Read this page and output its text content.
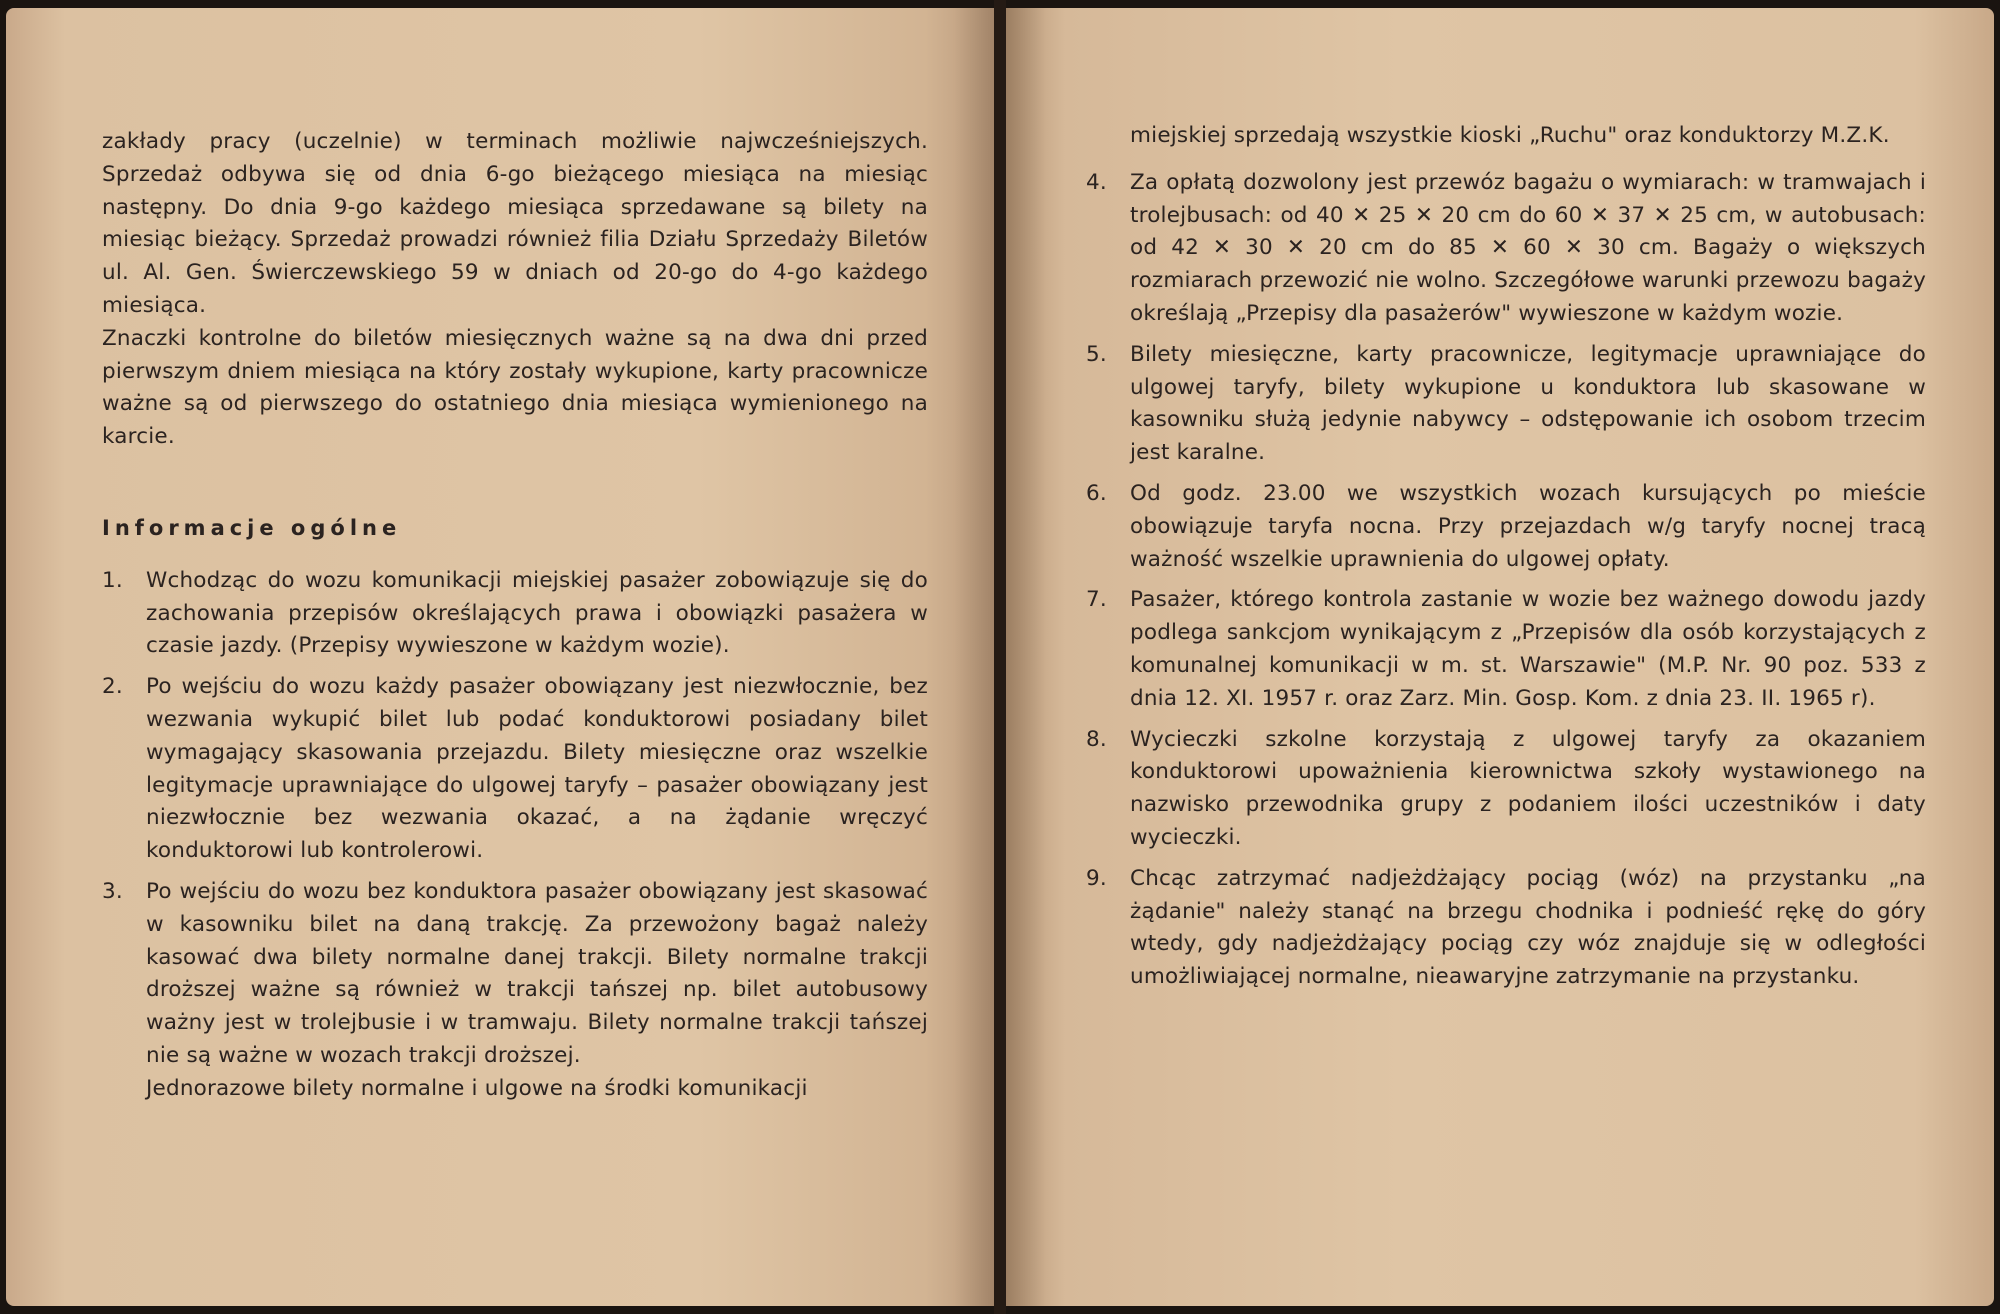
zakłady pracy (uczelnie) w terminach możliwie najwcześniejszych. Sprzedaż odbywa się od dnia 6-go bieżącego miesiąca na miesiąc następny. Do dnia 9-go każdego miesiąca sprzedawane są bilety na miesiąc bieżący. Sprzedaż prowadzi również filia Działu Sprzedaży Biletów ul. Al. Gen. Świerczewskiego 59 w dniach od 20-go do 4-go każdego miesiąca.

Znaczki kontrolne do biletów miesięcznych ważne są na dwa dni przed pierwszym dniem miesiąca na który zostały wykupione, karty pracownicze ważne są od pierwszego do ostatniego dnia miesiąca wymienionego na karcie.

Informacje ogólne

1.	Wchodząc do wozu komunikacji miejskiej pasażer zobowiązuje się do zachowania przepisów określających prawa i obowiązki pasażera w czasie jazdy. (Przepisy wywieszone w każdym wozie).
2.	Po wejściu do wozu każdy pasażer obowiązany jest niezwłocznie, bez wezwania wykupić bilet lub podać konduktorowi posiadany bilet wymagający skasowania przejazdu. Bilety miesięczne oraz wszelkie legitymacje uprawniające do ulgowej taryfy – pasażer obowiązany jest niezwłocznie bez wezwania okazać, a na żądanie wręczyć konduktorowi lub kontrolerowi.
3.	Po wejściu do wozu bez konduktora pasażer obowiązany jest skasować w kasowniku bilet na daną trakcję. Za przewożony bagaż należy kasować dwa bilety normalne danej trakcji. Bilety normalne trakcji droższej ważne są również w trakcji tańszej np. bilet autobusowy ważny jest w trolejbusie i w tramwaju. Bilety normalne trakcji tańszej nie są ważne w wozach trakcji droższej.
Jednorazowe bilety normalne i ulgowe na środki komunikacji

miejskiej sprzedają wszystkie kioski „Ruchu" oraz konduktorzy M.Z.K.

4.	Za opłatą dozwolony jest przewóz bagażu o wymiarach: w tramwajach i trolejbusach: od 40 ✕ 25 ✕ 20 cm do 60 ✕ 37 ✕ 25 cm, w autobusach: od 42 ✕ 30 ✕ 20 cm do 85 ✕ 60 ✕ 30 cm. Bagaży o większych rozmiarach przewozić nie wolno. Szczegółowe warunki przewozu bagaży określają „Przepisy dla pasażerów" wywieszone w każdym wozie.
5.	Bilety miesięczne, karty pracownicze, legitymacje uprawniające do ulgowej taryfy, bilety wykupione u konduktora lub skasowane w kasowniku służą jedynie nabywcy – odstępowanie ich osobom trzecim jest karalne.
6.	Od godz. 23.00 we wszystkich wozach kursujących po mieście obowiązuje taryfa nocna. Przy przejazdach w/g taryfy nocnej tracą ważność wszelkie uprawnienia do ulgowej opłaty.
7.	Pasażer, którego kontrola zastanie w wozie bez ważnego dowodu jazdy podlega sankcjom wynikającym z „Przepisów dla osób korzystających z komunalnej komunikacji w m. st. Warszawie" (M.P. Nr. 90 poz. 533 z dnia 12. XI. 1957 r. oraz Zarz. Min. Gosp. Kom. z dnia 23. II. 1965 r).
8.	Wycieczki szkolne korzystają z ulgowej taryfy za okazaniem konduktorowi upoważnienia kierownictwa szkoły wystawionego na nazwisko przewodnika grupy z podaniem ilości uczestników i daty wycieczki.
9.	Chcąc zatrzymać nadjeżdżający pociąg (wóz) na przystanku „na żądanie" należy stanąć na brzegu chodnika i podnieść rękę do góry wtedy, gdy nadjeżdżający pociąg czy wóz znajduje się w odległości umożliwiającej normalne, nieawaryjne zatrzymanie na przystanku.
